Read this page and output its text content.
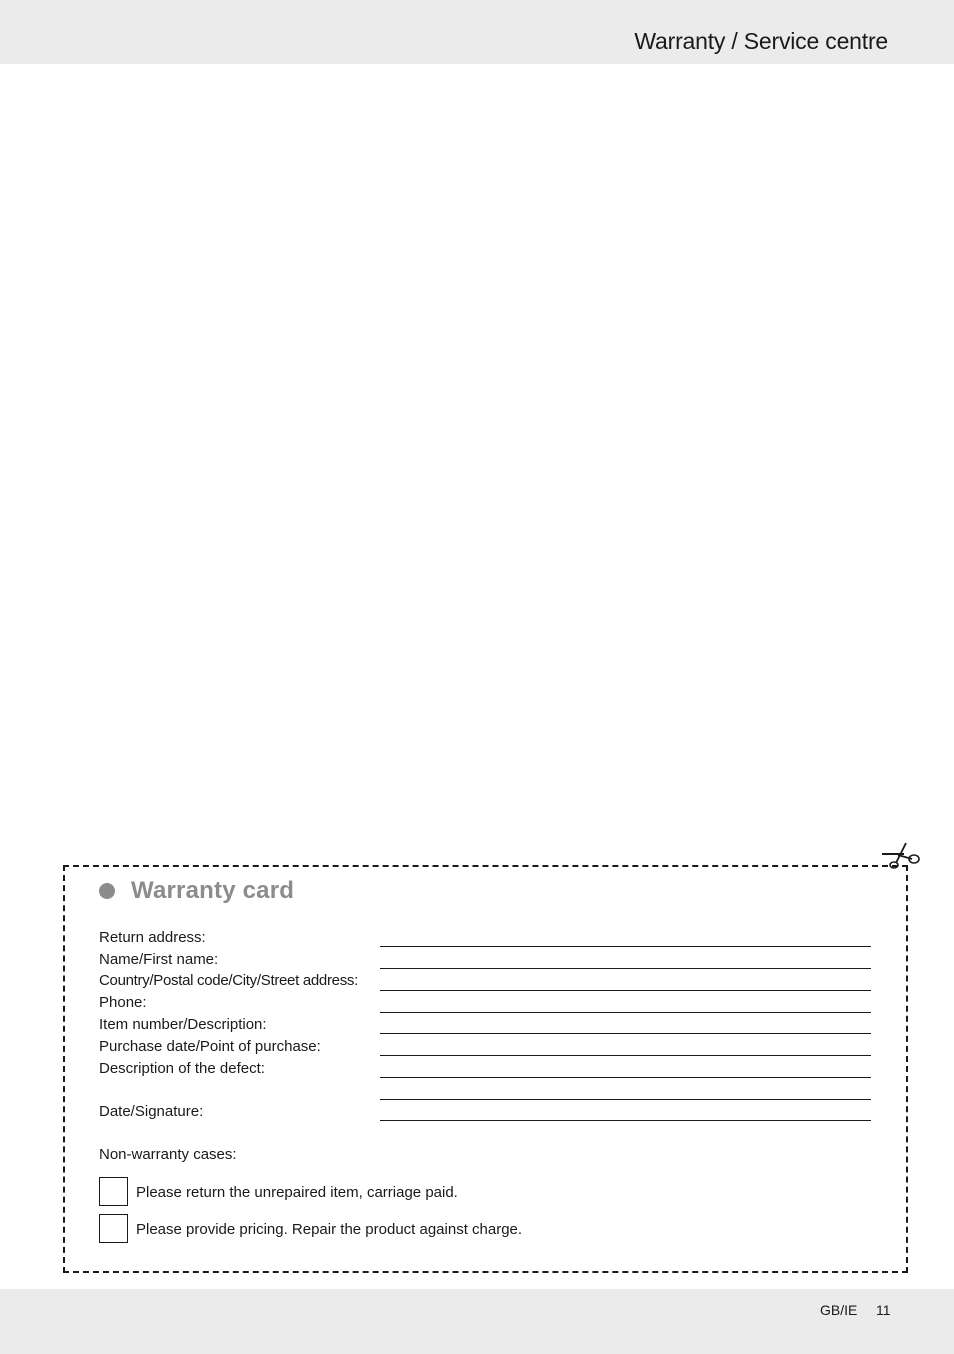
Warranty / Service centre
Warranty card
Return address:
Name/First name:
Country/Postal code/City/Street address:
Phone:
Item number/Description:
Purchase date/Point of purchase:
Description of the defect:
Date/Signature:
Non-warranty cases:
Please return the unrepaired item, carriage paid.
Please provide pricing. Repair the product against charge.
GB/IE 11
